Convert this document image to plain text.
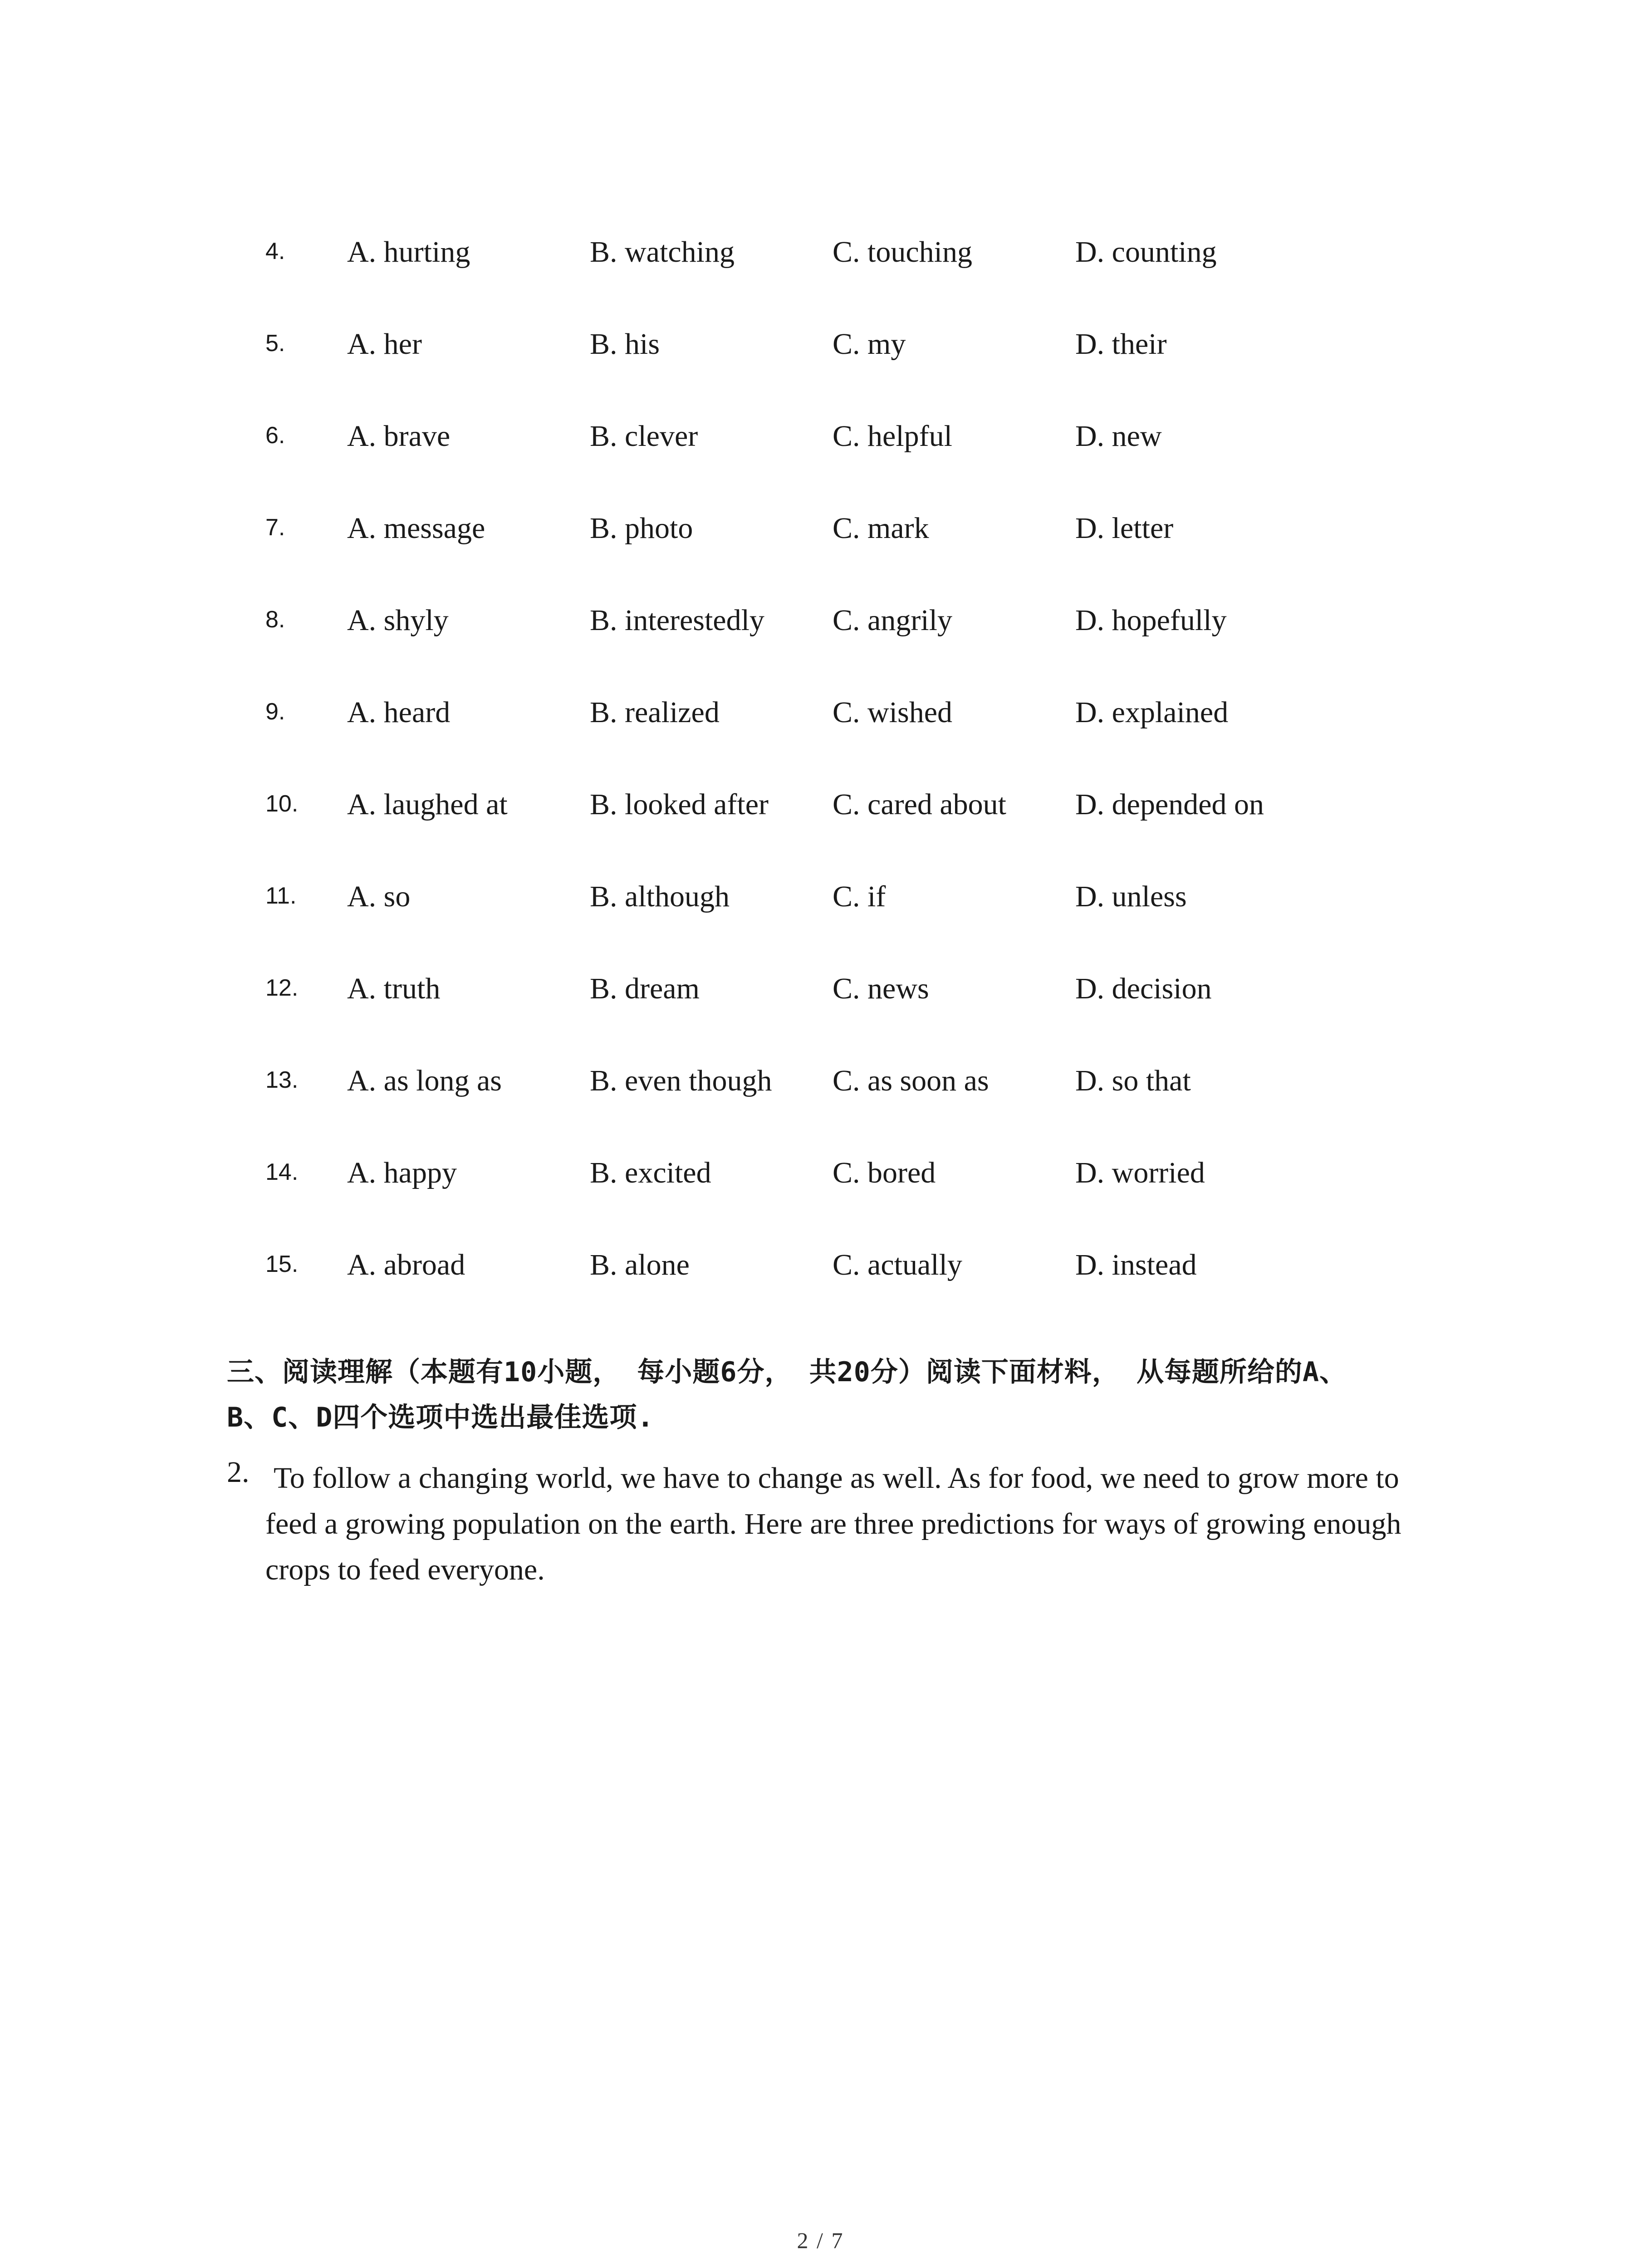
4.	A. hurting	B. watching	C. touching	D. counting
5.	A. her	B. his	C. my	D. their
6.	A. brave	B. clever	C. helpful	D. new
7.	A. message	B. photo	C. mark	D. letter
8.	A. shyly	B. interestedly C. angrily	D. hopefully
9.	A. heard	B. realized	C. wished	D. explained
10.	A. laughed at	B. looked after C. cared about D. depended on
11.	A. so	B. although	C. if	D. unless
12.	A. truth	B. dream	C. news	D. decision
13.	A. as long as	B. even though C. as soon as	D. so that
14.	A. happy	B. excited	C. bored	D. worried
15.	A. abroad	B. alone	C. actually	D. instead
三、阅读理解（本题有10小题， 每小题6分， 共20分）阅读下面材料， 从每题所给的A、
B、C、D四个选项中选出最佳选项.
2. To follow a changing world, we have to change as well. As for food, we need to grow more to feed a growing population on the earth. Here are three predictions for ways of growing enough crops to feed everyone.
2 / 7
